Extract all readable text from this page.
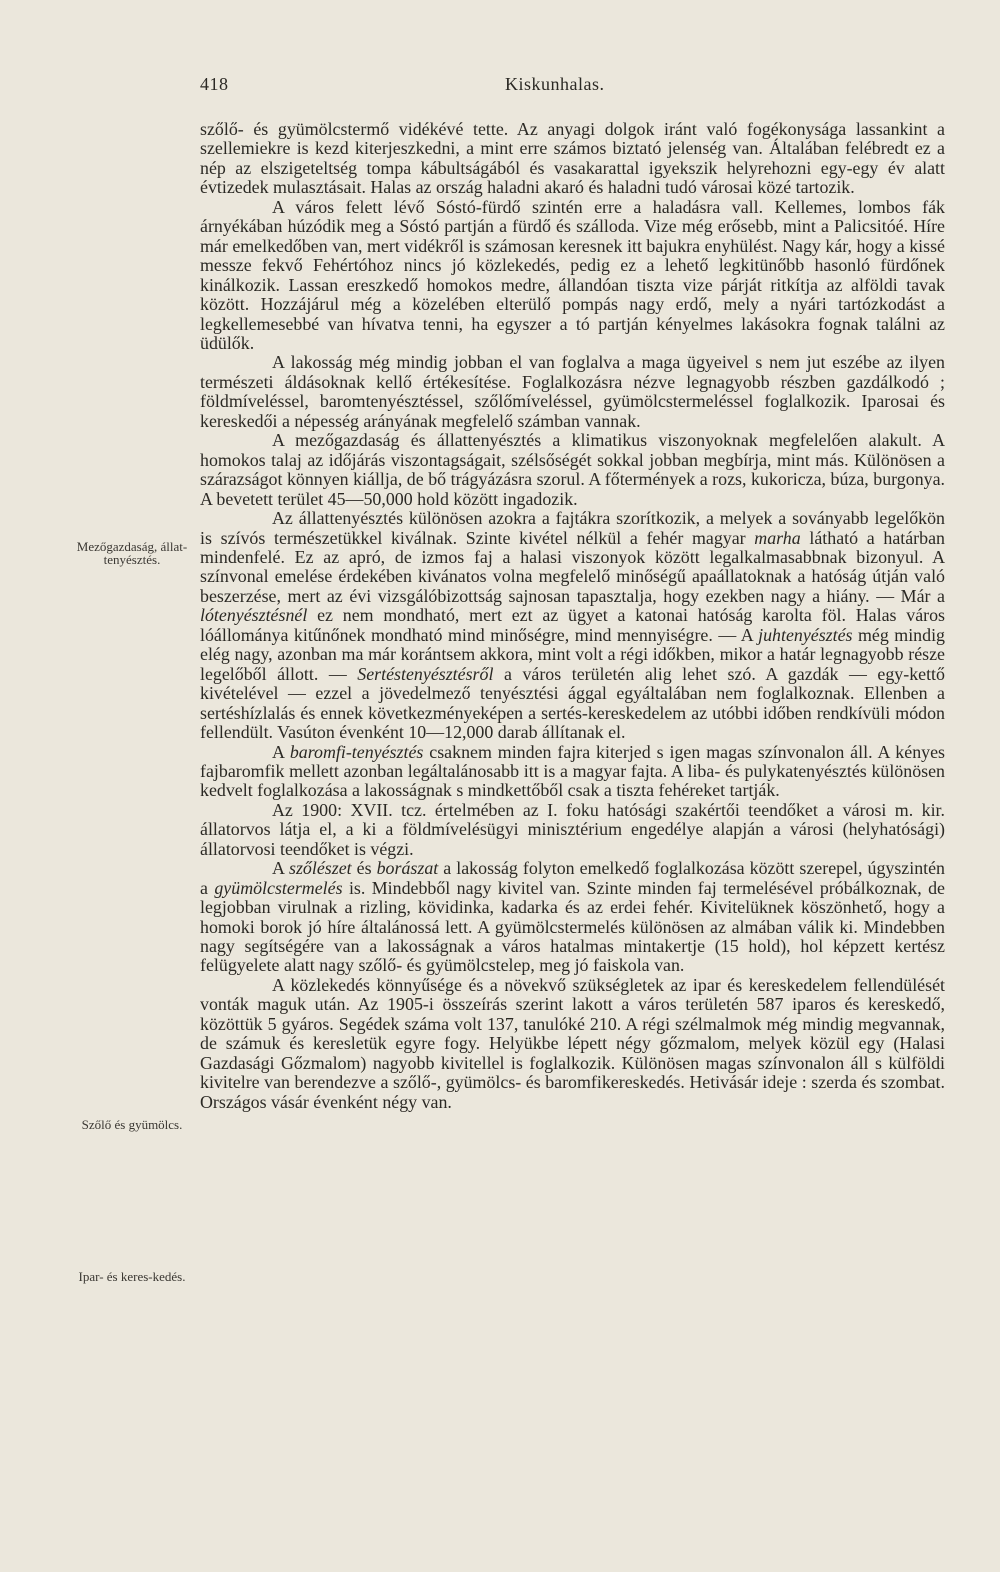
418	Kiskunhalas.
Mezőgazdaság, állat-tenyésztés.
Szőlő és gyümölcs.
Ipar- és keres-kedés.

szőlő- és gyümölcstermő vidékévé tette. Az anyagi dolgok iránt való fogékonysága lassankint a szellemiekre is kezd kiterjeszkedni, a mint erre számos biztató jelenség van. Általában felébredt ez a nép az elszigeteltség tompa kábultságából és vasakarattal igyekszik helyrehozni egy-egy év alatt évtizedek mulasztásait. Halas az ország haladni akaró és haladni tudó városai közé tartozik.

A város felett lévő Sóstó-fürdő szintén erre a haladásra vall. Kellemes, lombos fák árnyékában húzódik meg a Sóstó partján a fürdő és szálloda. Vize még erősebb, mint a Palicsitóé. Híre már emelkedőben van, mert vidékről is számosan keresnek itt bajukra enyhülést. Nagy kár, hogy a kissé messze fekvő Fehértóhoz nincs jó közlekedés, pedig ez a lehető legkitünőbb hasonló fürdőnek kinálkozik. Lassan ereszkedő homokos medre, állandóan tiszta vize párját ritkítja az alföldi tavak között. Hozzájárul még a közelében elterülő pompás nagy erdő, mely a nyári tartózkodást a legkellemesebbé van hívatva tenni, ha egyszer a tó partján kényelmes lakásokra fognak találni az üdülők.

A lakosság még mindig jobban el van foglalva a maga ügyeivel s nem jut eszébe az ilyen természeti áldásoknak kellő értékesítése. Foglalkozásra nézve legnagyobb részben gazdálkodó ; földmíveléssel, baromtenyésztéssel, szőlőmíveléssel, gyümölcstermeléssel foglalkozik. Iparosai és kereskedői a népesség arányának megfelelő számban vannak.

A mezőgazdaság és állattenyésztés a klimatikus viszonyoknak megfelelően alakult. A homokos talaj az időjárás viszontagságait, szélsőségét sokkal jobban megbírja, mint más. Különösen a szárazságot könnyen kiállja, de bő trágyázásra szorul. A főtermények a rozs, kukoricza, búza, burgonya. A bevetett terület 45—50,000 hold között ingadozik.

Az állattenyésztés különösen azokra a fajtákra szorítkozik, a melyek a soványabb legelőkön is szívós természetükkel kiválnak. Szinte kivétel nélkül a fehér magyar marha látható a határban mindenfelé. Ez az apró, de izmos faj a halasi viszonyok között legalkalmasabbnak bizonyul. A színvonal emelése érdekében kivánatos volna megfelelő minőségű apaállatoknak a hatóság útján való beszerzése, mert az évi vizsgálóbizottság sajnosan tapasztalja, hogy ezekben nagy a hiány. — Már a lótenyésztésnél ez nem mondható, mert ezt az ügyet a katonai hatóság karolta föl. Halas város lóállománya kitűnőnek mondható mind minőségre, mind mennyiségre. — A juhtenyésztés még mindig elég nagy, azonban ma már korántsem akkora, mint volt a régi időkben, mikor a határ legnagyobb része legelőből állott. — Sertéstenyésztésről a város területén alig lehet szó. A gazdák — egy-kettő kivételével — ezzel a jövedelmező tenyésztési ággal egyáltalában nem foglalkoznak. Ellenben a sertéshízlalás és ennek következményeképen a sertés-kereskedelem az utóbbi időben rendkívüli módon fellendült. Vasúton évenként 10—12,000 darab állítanak el.

A baromfi-tenyésztés csaknem minden fajra kiterjed s igen magas színvonalon áll. A kényes fajbaromfik mellett azonban legáltalánosabb itt is a magyar fajta. A liba- és pulykatenyésztés különösen kedvelt foglalkozása a lakosságnak s mindkettőből csak a tiszta fehéreket tartják.

Az 1900: XVII. tcz. értelmében az I. foku hatósági szakértői teendőket a városi m. kir. állatorvos látja el, a ki a földmívelésügyi minisztérium engedélye alapján a városi (helyhatósági) állatorvosi teendőket is végzi.

A szőlészet és borászat a lakosság folyton emelkedő foglalkozása között szerepel, úgyszintén a gyümölcstermelés is. Mindebből nagy kivitel van. Szinte minden faj termelésével próbálkoznak, de legjobban virulnak a rizling, kövidinka, kadarka és az erdei fehér. Kivitelüknek köszönhető, hogy a homoki borok jó híre általánossá lett. A gyümölcstermelés különösen az almában válik ki. Mindebben nagy segítségére van a lakosságnak a város hatalmas mintakertje (15 hold), hol képzett kertész felügyelete alatt nagy szőlő- és gyümölcstelep, meg jó faiskola van.

A közlekedés könnyűsége és a növekvő szükségletek az ipar és kereskedelem fellendülését vonták maguk után. Az 1905-i összeírás szerint lakott a város területén 587 iparos és kereskedő, közöttük 5 gyáros. Segédek száma volt 137, tanulóké 210. A régi szélmalmok még mindig megvannak, de számuk és keresletük egyre fogy. Helyükbe lépett négy gőzmalom, melyek közül egy (Halasi Gazdasági Gőzmalom) nagyobb kivitellel is foglalkozik. Különösen magas színvonalon áll s külföldi kivitelre van berendezve a szőlő-, gyümölcs- és baromfikereskedés. Hetivásár ideje : szerda és szombat. Országos vásár évenként négy van.
